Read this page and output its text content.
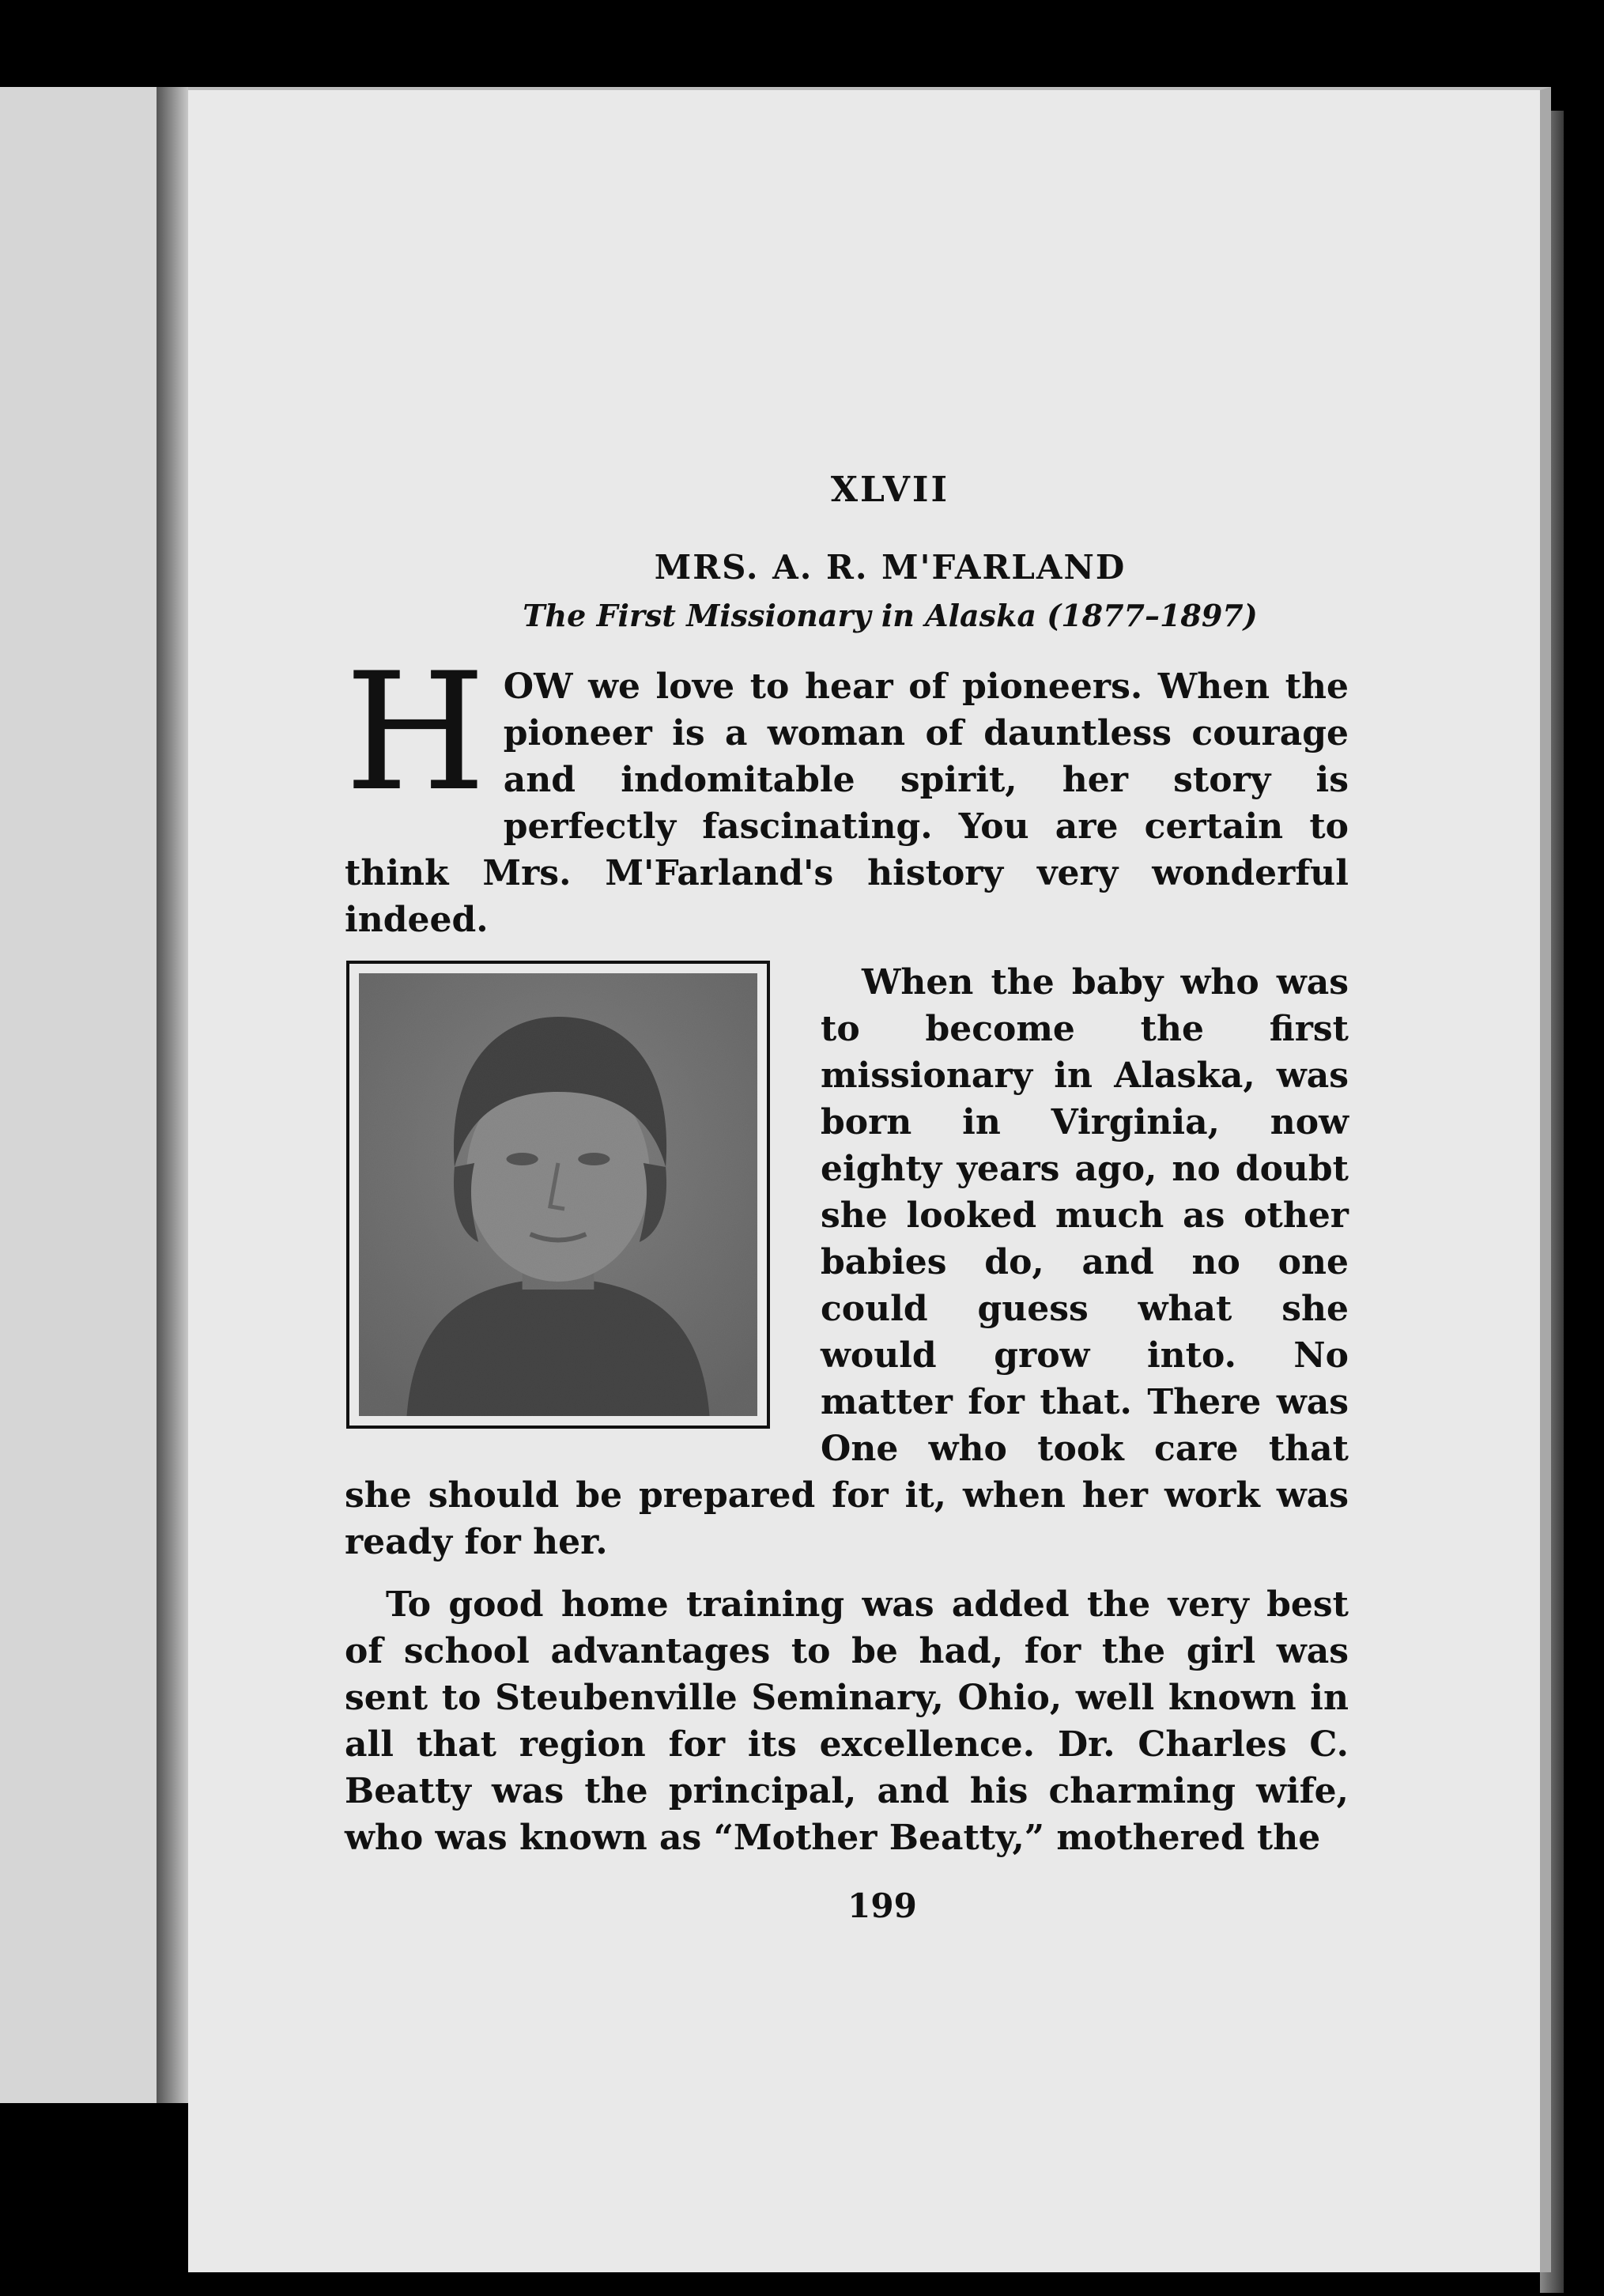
XLVII
MRS. A. R. M'FARLAND
The First Missionary in Alaska (1877–1897)

HOW we love to hear of pioneers. When the pioneer is a woman of dauntless courage and indomitable spirit, her story is perfectly fascinating. You are certain to think Mrs. M'Farland's history very wonderful indeed.

When the baby who was to become the first missionary in Alaska, was born in Virginia, now eighty years ago, no doubt she looked much as other babies do, and no one could guess what she would grow into. No matter for that. There was One who took care that she should be prepared for it, when her work was ready for her.

To good home training was added the very best of school advantages to be had, for the girl was sent to Steubenville Seminary, Ohio, well known in all that region for its excellence. Dr. Charles C. Beatty was the principal, and his charming wife, who was known as “Mother Beatty,” mothered the

199
